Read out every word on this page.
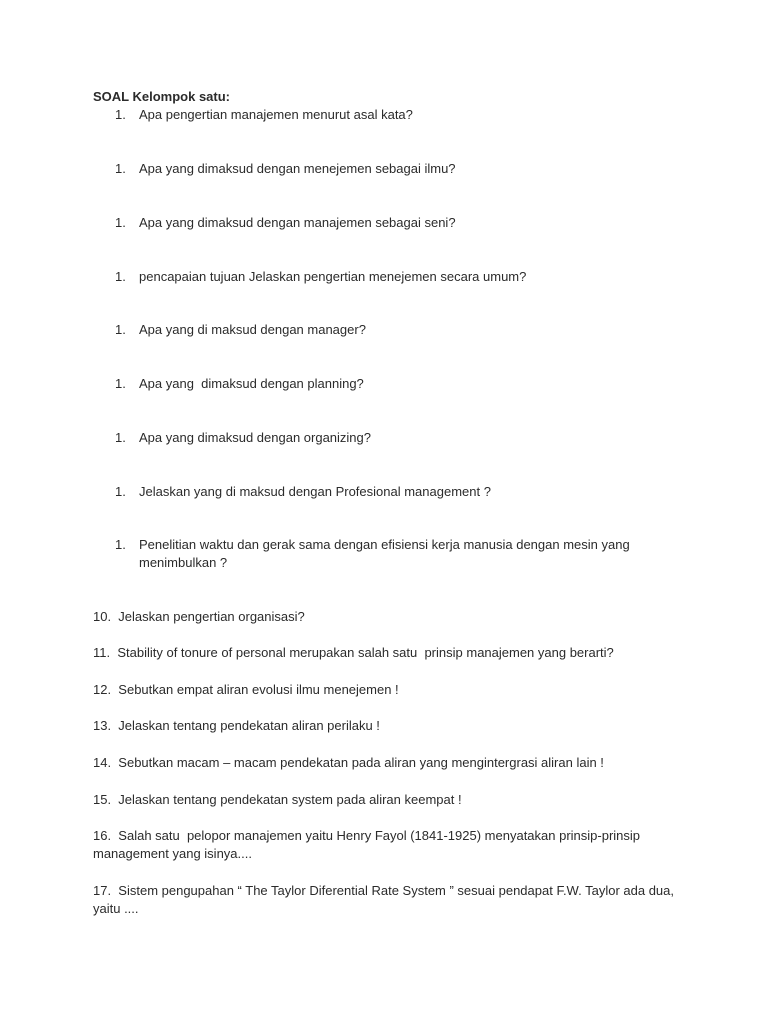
SOAL Kelompok satu:
1. Apa pengertian manajemen menurut asal kata?
1. Apa yang dimaksud dengan menejemen sebagai ilmu?
1. Apa yang dimaksud dengan manajemen sebagai seni?
1. pencapaian tujuan Jelaskan pengertian menejemen secara umum?
1. Apa yang di maksud dengan manager?
1. Apa yang  dimaksud dengan planning?
1. Apa yang dimaksud dengan organizing?
1. Jelaskan yang di maksud dengan Profesional management ?
1. Penelitian waktu dan gerak sama dengan efisiensi kerja manusia dengan mesin yang menimbulkan ?
10.  Jelaskan pengertian organisasi?
11.  Stability of tonure of personal merupakan salah satu  prinsip manajemen yang berarti?
12.  Sebutkan empat aliran evolusi ilmu menejemen !
13.  Jelaskan tentang pendekatan aliran perilaku !
14.  Sebutkan macam – macam pendekatan pada aliran yang mengintergrasi aliran lain !
15.  Jelaskan tentang pendekatan system pada aliran keempat !
16.  Salah satu  pelopor manajemen yaitu Henry Fayol (1841-1925) menyatakan prinsip-prinsip management yang isinya....
17.  Sistem pengupahan “ The Taylor Diferential Rate System ” sesuai pendapat F.W. Taylor ada dua, yaitu ....
